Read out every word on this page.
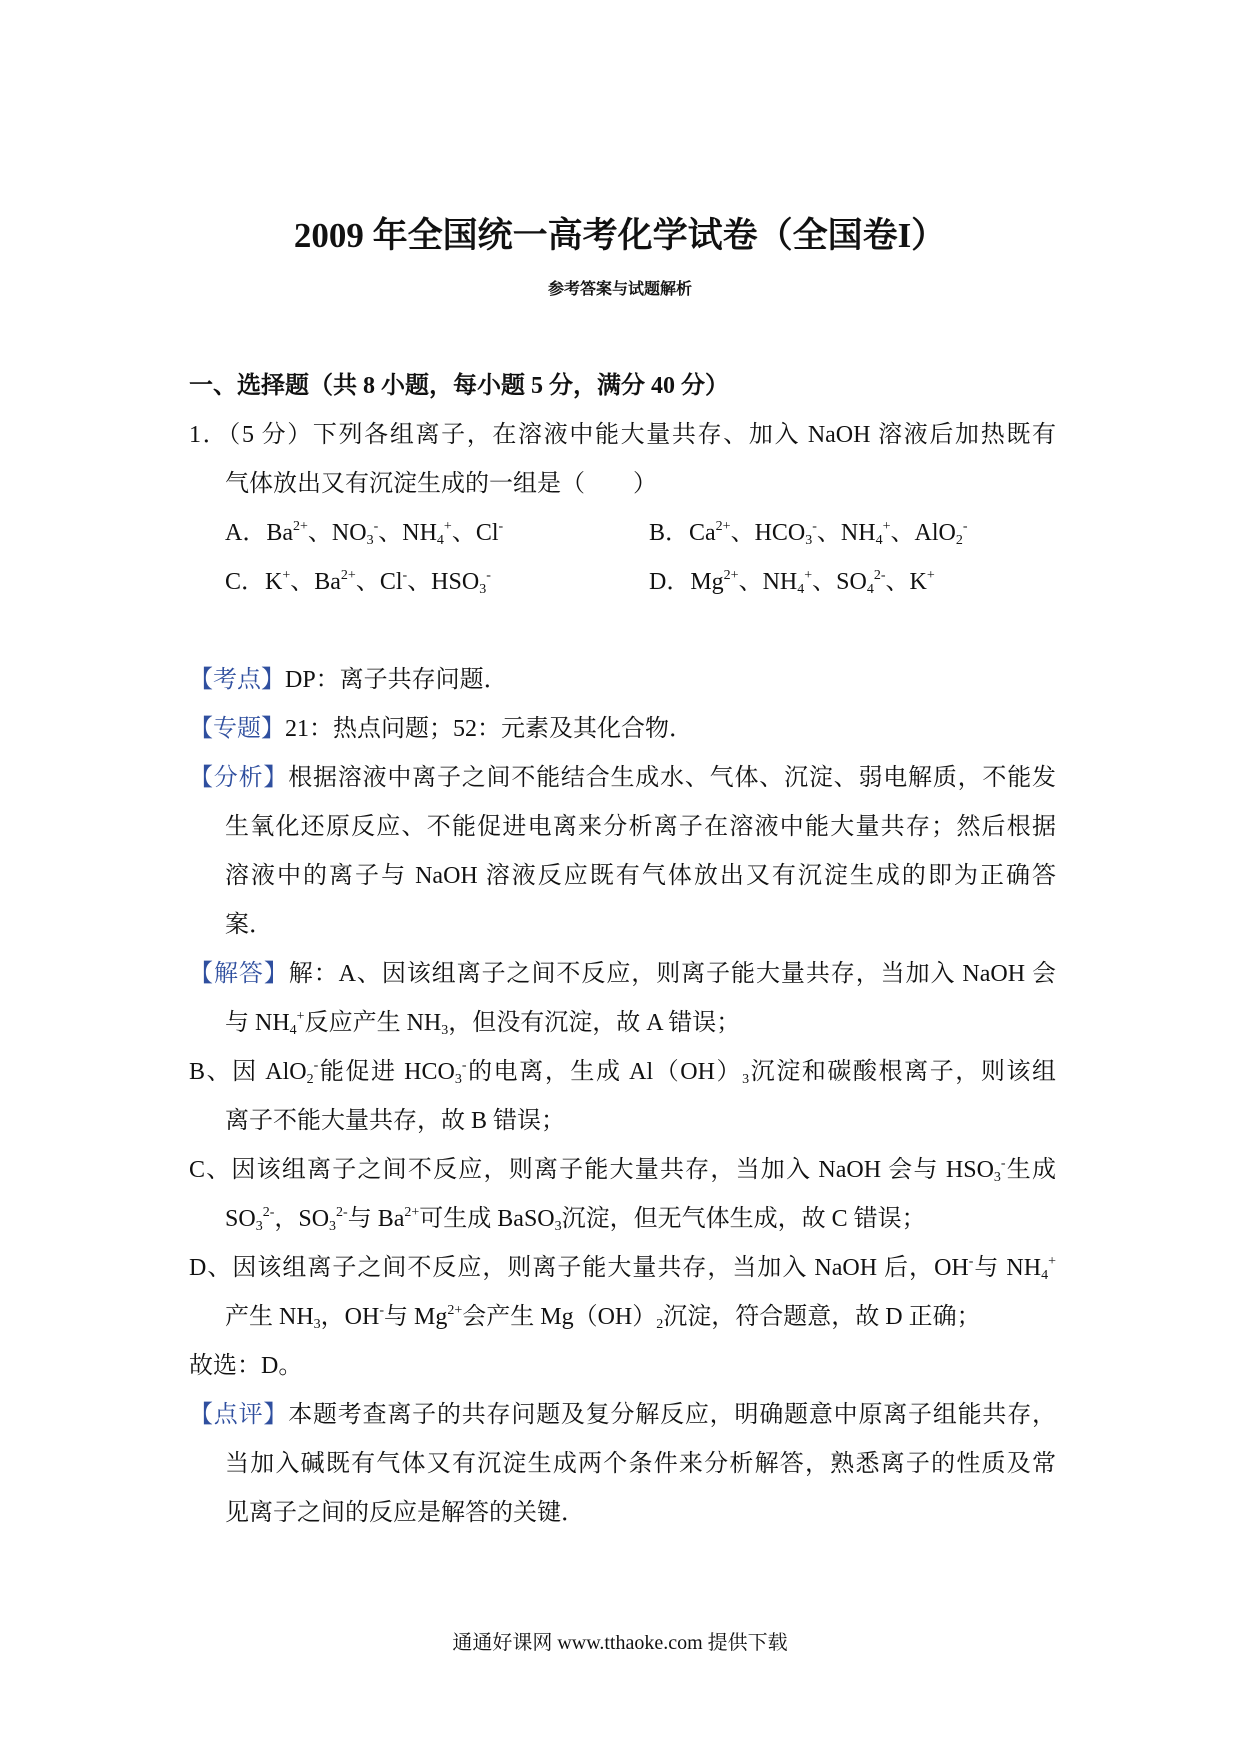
2009 年全国统一高考化学试卷（全国卷I）
参考答案与试题解析
一、选择题（共 8 小题，每小题 5 分，满分 40 分）
1．（5 分）下列各组离子，在溶液中能大量共存、加入 NaOH 溶液后加热既有
气体放出又有沉淀生成的一组是（　　）
A．$Ba^{2+}$、$NO_3^-$、$NH_4^+$、Cl-	B．$Ca^{2+}$、$HCO_3^-$、$NH_4^+$、AlO$_2$-
C．K+、$Ba^{2+}$、Cl-、$HSO_3^-$	D．$Mg^{2+}$、$NH_4^+$、$SO_4^{2-}$、K+
【考点】DP：离子共存问题．
【专题】21：热点问题；52：元素及其化合物．
【分析】根据溶液中离子之间不能结合生成水、气体、沉淀、弱电解质，不能发
生氧化还原反应、不能促进电离来分析离子在溶液中能大量共存；然后根据
溶液中的离子与 NaOH 溶液反应既有气体放出又有沉淀生成的即为正确答
案．
【解答】解：A、因该组离子之间不反应，则离子能大量共存，当加入 NaOH 会
与 $NH_4^+$反应产生 $NH_3$，但没有沉淀，故 A 错误；
B、因 AlO$_2$-能促进 $HCO_3^-$的电离，生成 $Al(OH)_3$沉淀和碳酸根离子，则该组
离子不能大量共存，故 B 错误；
C、因该组离子之间不反应，则离子能大量共存，当加入 NaOH 会与 $HSO_3^-$生成
$SO_3^{2-}$，$SO_3^{2-}$与 $Ba^{2+}$可生成 BaSO$_3$沉淀，但无气体生成，故 C 错误；
D、因该组离子之间不反应，则离子能大量共存，当加入 NaOH 后，OH-与 $NH_4^+$
产生 $NH_3$，OH-与 $Mg^{2+}$会产生 $Mg(OH)_2$沉淀，符合题意，故 D 正确；
故选：D。
【点评】本题考查离子的共存问题及复分解反应，明确题意中原离子组能共存，
当加入碱既有气体又有沉淀生成两个条件来分析解答，熟悉离子的性质及常
见离子之间的反应是解答的关键．
通通好课网 www.tthaoke.com 提供下载
